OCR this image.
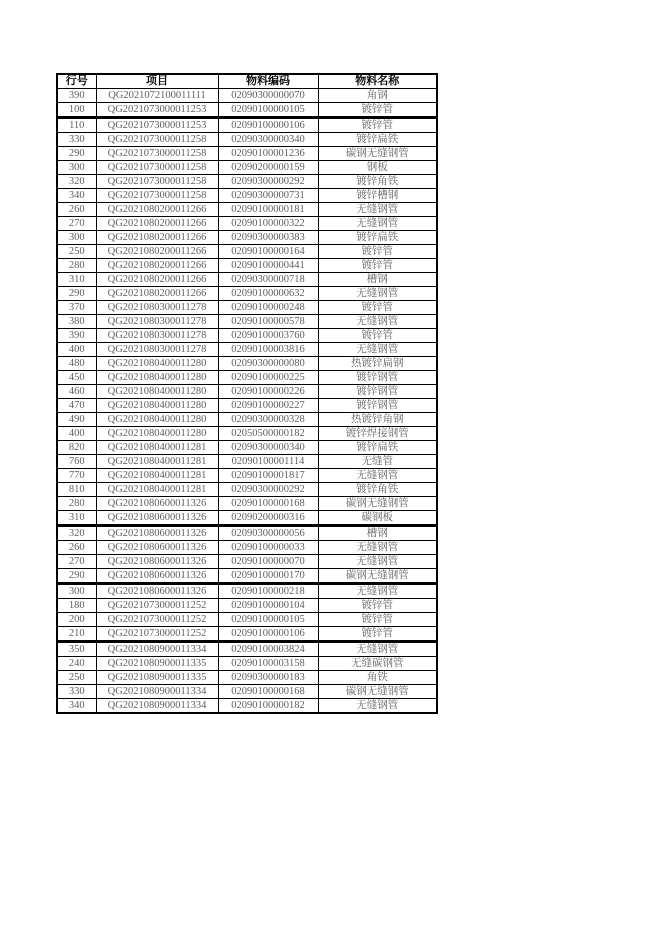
行号	项目	物料编码	物料名称
390	QG2021072100011111	02090300000070	角钢
100	QG2021073000011253	02090100000105	镀锌管
110	QG2021073000011253	02090100000106	镀锌管
330	QG2021073000011258	02090300000340	镀锌扁铁
290	QG2021073000011258	02090100001236	碳钢无缝钢管
300	QG2021073000011258	02090200000159	钢板
320	QG2021073000011258	02090300000292	镀锌角铁
340	QG2021073000011258	02090300000731	镀锌槽钢
260	QG2021080200011266	02090100000181	无缝钢管
270	QG2021080200011266	02090100000322	无缝钢管
300	QG2021080200011266	02090300000383	镀锌扁铁
250	QG2021080200011266	02090100000164	镀锌管
280	QG2021080200011266	02090100000441	镀锌管
310	QG2021080200011266	02090300000718	槽钢
290	QG2021080200011266	02090100000632	无缝钢管
370	QG2021080300011278	02090100000248	镀锌管
380	QG2021080300011278	02090100000578	无缝钢管
390	QG2021080300011278	02090100003760	镀锌管
400	QG2021080300011278	02090100003816	无缝钢管
480	QG2021080400011280	02090300000080	热镀锌扁钢
450	QG2021080400011280	02090100000225	镀锌钢管
460	QG2021080400011280	02090100000226	镀锌钢管
470	QG2021080400011280	02090100000227	镀锌钢管
490	QG2021080400011280	02090300000328	热镀锌角钢
400	QG2021080400011280	02050500000182	镀锌焊接钢管
820	QG2021080400011281	02090300000340	镀锌扁铁
760	QG2021080400011281	02090100001114	无缝管
770	QG2021080400011281	02090100001817	无缝钢管
810	QG2021080400011281	02090300000292	镀锌角铁
280	QG2021080600011326	02090100000168	碳钢无缝钢管
310	QG2021080600011326	02090200000316	碳钢板
320	QG2021080600011326	02090300000056	槽钢
260	QG2021080600011326	02090100000033	无缝钢管
270	QG2021080600011326	02090100000070	无缝钢管
290	QG2021080600011326	02090100000170	碳钢无缝钢管
300	QG2021080600011326	02090100000218	无缝钢管
180	QG2021073000011252	02090100000104	镀锌管
200	QG2021073000011252	02090100000105	镀锌管
210	QG2021073000011252	02090100000106	镀锌管
350	QG2021080900011334	02090100003824	无缝钢管
240	QG2021080900011335	02090100003158	无缝碳钢管
250	QG2021080900011335	02090300000183	角铁
330	QG2021080900011334	02090100000168	碳钢无缝钢管
340	QG2021080900011334	02090100000182	无缝钢管
